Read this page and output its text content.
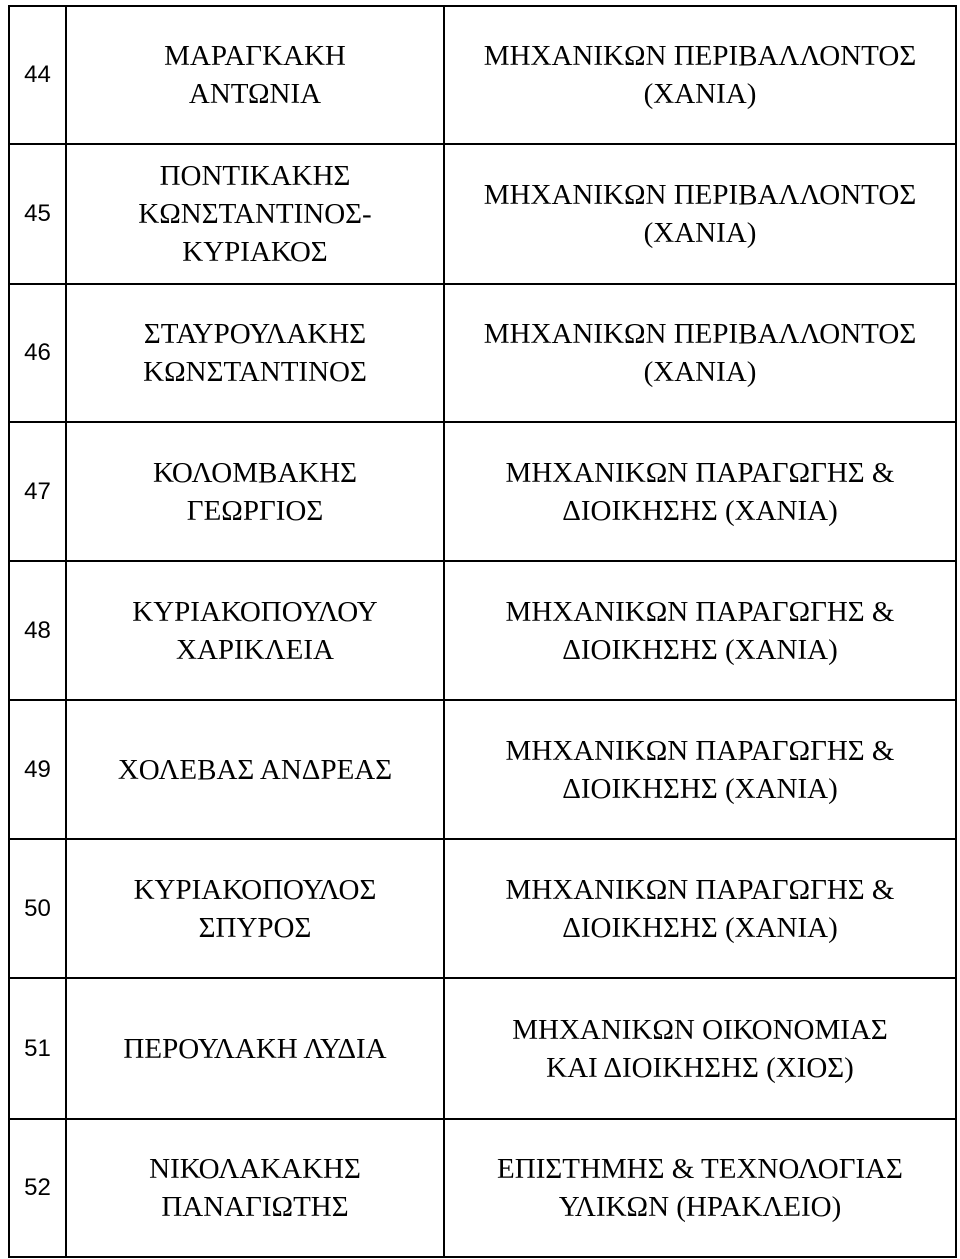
44	ΜΑΡΑΓΚΑΚΗ
ΑΝΤΩΝΙΑ	ΜΗΧΑΝΙΚΩΝ ΠΕΡΙΒΑΛΛΟΝΤΟΣ
(ΧΑΝΙΑ)
45	ΠΟΝΤΙΚΑΚΗΣ
ΚΩΝΣΤΑΝΤΙΝΟΣ-
ΚΥΡΙΑΚΟΣ	ΜΗΧΑΝΙΚΩΝ ΠΕΡΙΒΑΛΛΟΝΤΟΣ
(ΧΑΝΙΑ)
46	ΣΤΑΥΡΟΥΛΑΚΗΣ
ΚΩΝΣΤΑΝΤΙΝΟΣ	ΜΗΧΑΝΙΚΩΝ ΠΕΡΙΒΑΛΛΟΝΤΟΣ
(ΧΑΝΙΑ)
47	ΚΟΛΟΜΒΑΚΗΣ
ΓΕΩΡΓΙΟΣ	ΜΗΧΑΝΙΚΩΝ ΠΑΡΑΓΩΓΗΣ &
ΔΙΟΙΚΗΣΗΣ (ΧΑΝΙΑ)
48	ΚΥΡΙΑΚΟΠΟΥΛΟΥ
ΧΑΡΙΚΛΕΙΑ	ΜΗΧΑΝΙΚΩΝ ΠΑΡΑΓΩΓΗΣ &
ΔΙΟΙΚΗΣΗΣ (ΧΑΝΙΑ)
49	ΧΟΛΕΒΑΣ ΑΝΔΡΕΑΣ	ΜΗΧΑΝΙΚΩΝ ΠΑΡΑΓΩΓΗΣ &
ΔΙΟΙΚΗΣΗΣ (ΧΑΝΙΑ)
50	ΚΥΡΙΑΚΟΠΟΥΛΟΣ
ΣΠΥΡΟΣ	ΜΗΧΑΝΙΚΩΝ ΠΑΡΑΓΩΓΗΣ &
ΔΙΟΙΚΗΣΗΣ (ΧΑΝΙΑ)
51	ΠΕΡΟΥΛΑΚΗ ΛΥΔΙΑ	ΜΗΧΑΝΙΚΩΝ ΟΙΚΟΝΟΜΙΑΣ
ΚΑΙ ΔΙΟΙΚΗΣΗΣ (ΧΙΟΣ)
52	ΝΙΚΟΛΑΚΑΚΗΣ
ΠΑΝΑΓΙΩΤΗΣ	ΕΠΙΣΤΗΜΗΣ & ΤΕΧΝΟΛΟΓΙΑΣ
ΥΛΙΚΩΝ (ΗΡΑΚΛΕΙΟ)
